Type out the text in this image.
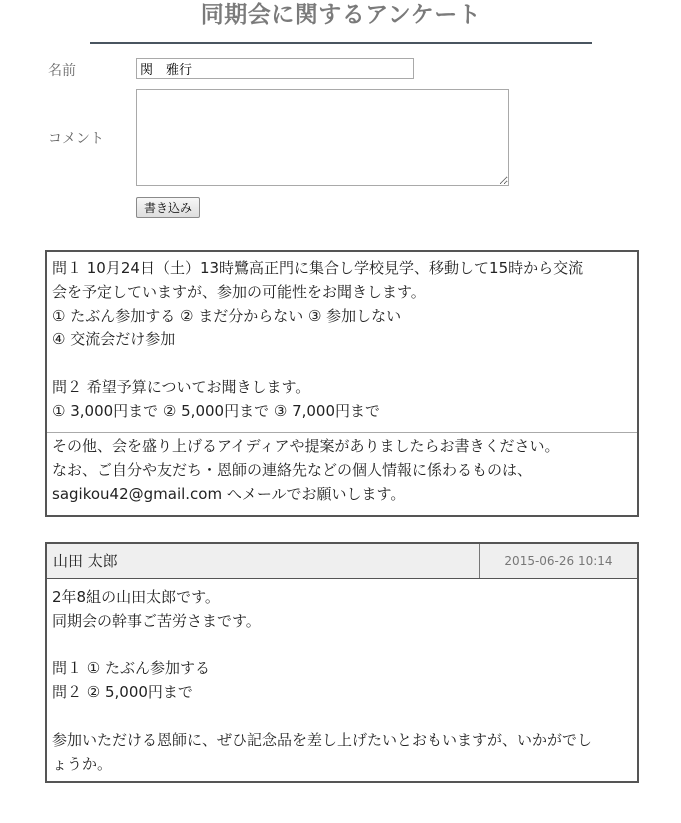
同期会に関するアンケート
名前
関　雅行
コメント
書き込み
問１ 10月24日（土）13時鷺高正門に集合し学校見学、移動して15時から交流
会を予定していますが、参加の可能性をお聞きします。
① たぶん参加する ② まだ分からない ③ 参加しない
④ 交流会だけ参加
問２ 希望予算についてお聞きします。
① 3,000円まで ② 5,000円まで ③ 7,000円まで
その他、会を盛り上げるアイディアや提案がありましたらお書きください。
なお、ご自分や友だち・恩師の連絡先などの個人情報に係わるものは、
sagikou42@gmail.com へメールでお願いします。
山田 太郎	2015-06-26 10:14
2年8組の山田太郎です。
同期会の幹事ご苦労さまです。
問１ ① たぶん参加する
問２ ② 5,000円まで
参加いただける恩師に、ぜひ記念品を差し上げたいとおもいますが、いかがでし
ょうか。
